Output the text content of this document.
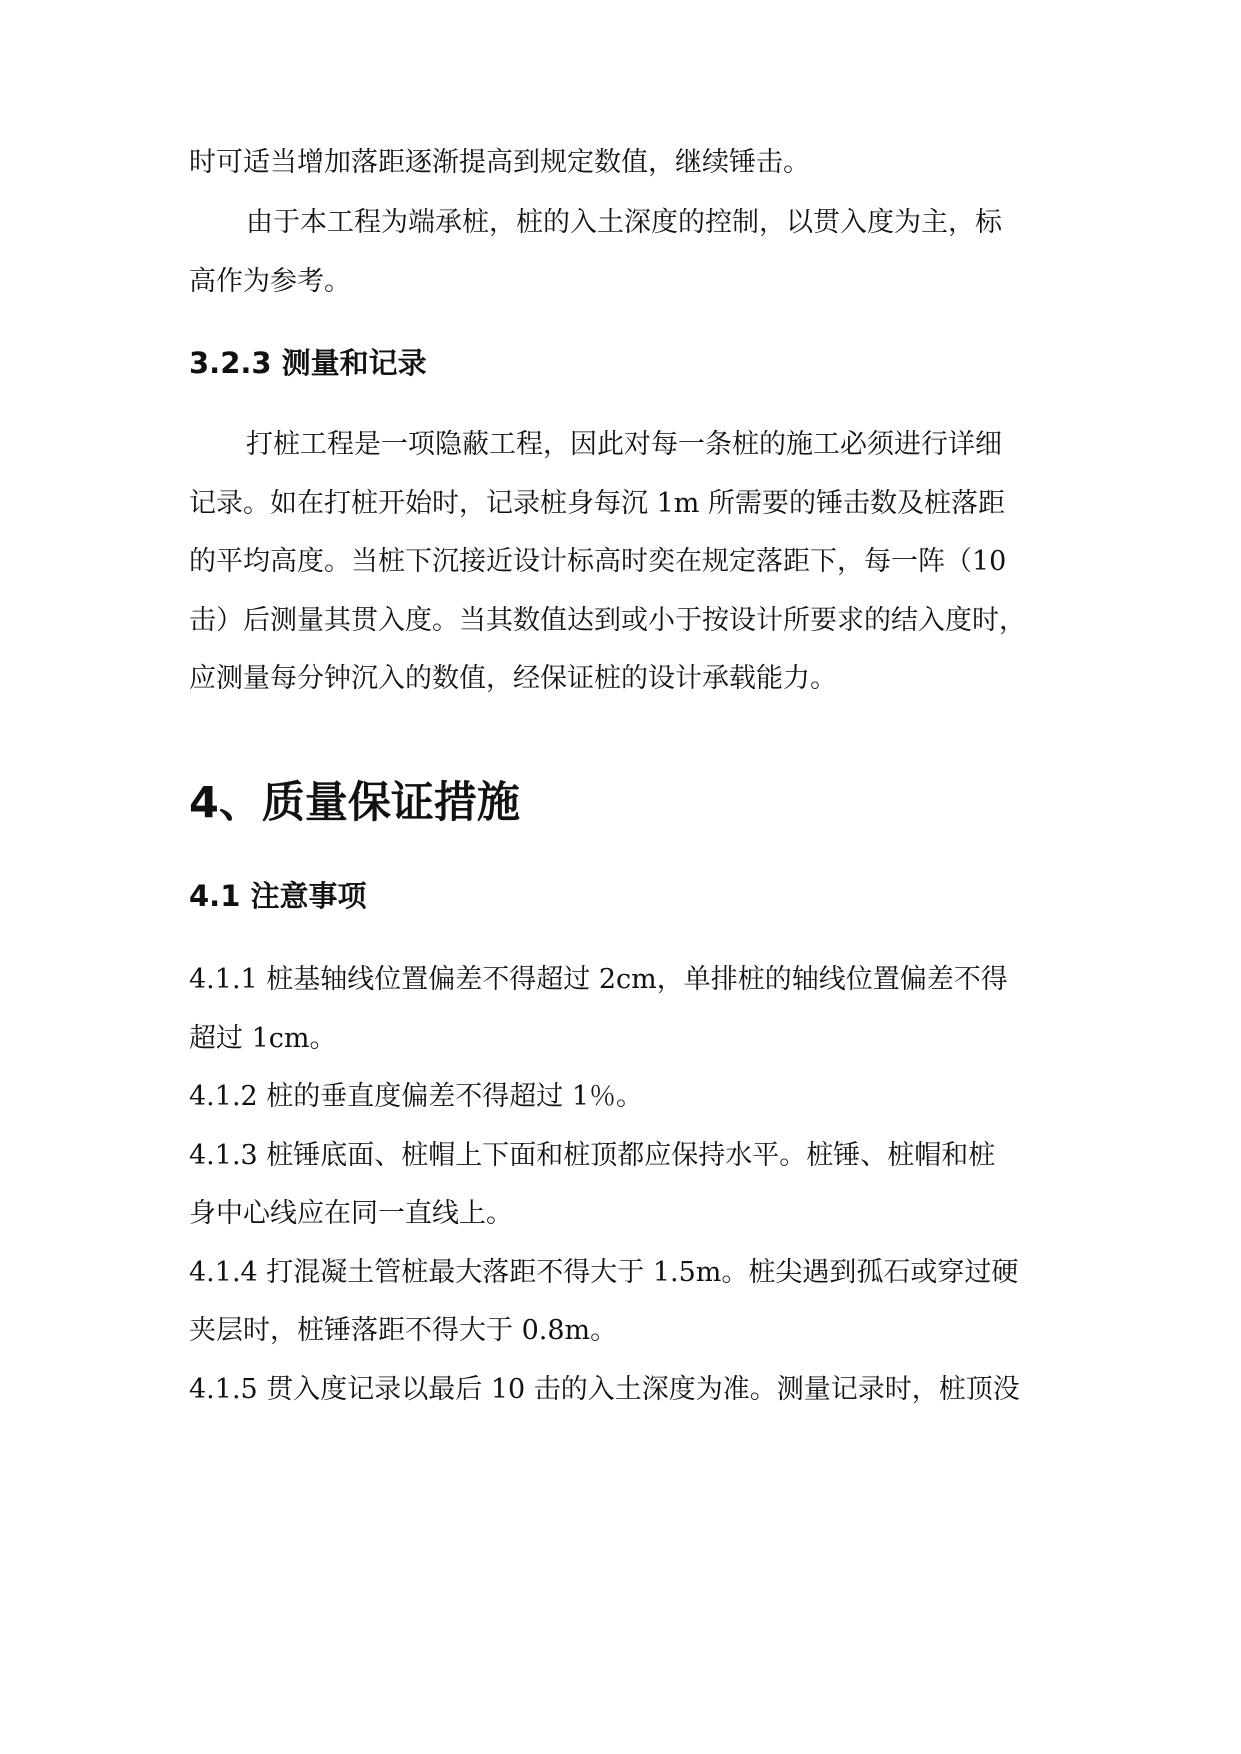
时可适当增加落距逐渐提高到规定数值，继续锤击。
由于本工程为端承桩，桩的入土深度的控制，以贯入度为主，标
高作为参考。
3.2.3 测量和记录
打桩工程是一项隐蔽工程，因此对每一条桩的施工必须进行详细
记录。如在打桩开始时，记录桩身每沉 1m 所需要的锤击数及桩落距
的平均高度。当桩下沉接近设计标高时奕在规定落距下，每一阵（10
击）后测量其贯入度。当其数值达到或小于按设计所要求的结入度时，
应测量每分钟沉入的数值，经保证桩的设计承载能力。
4、质量保证措施
4.1 注意事项
4.1.1 桩基轴线位置偏差不得超过 2cm，单排桩的轴线位置偏差不得
超过 1cm。
4.1.2 桩的垂直度偏差不得超过 1％。
4.1.3 桩锤底面、桩帽上下面和桩顶都应保持水平。桩锤、桩帽和桩
身中心线应在同一直线上。
4.1.4 打混凝土管桩最大落距不得大于 1.5m。桩尖遇到孤石或穿过硬
夹层时，桩锤落距不得大于 0.8m。
4.1.5 贯入度记录以最后 10 击的入土深度为准。测量记录时，桩顶没
